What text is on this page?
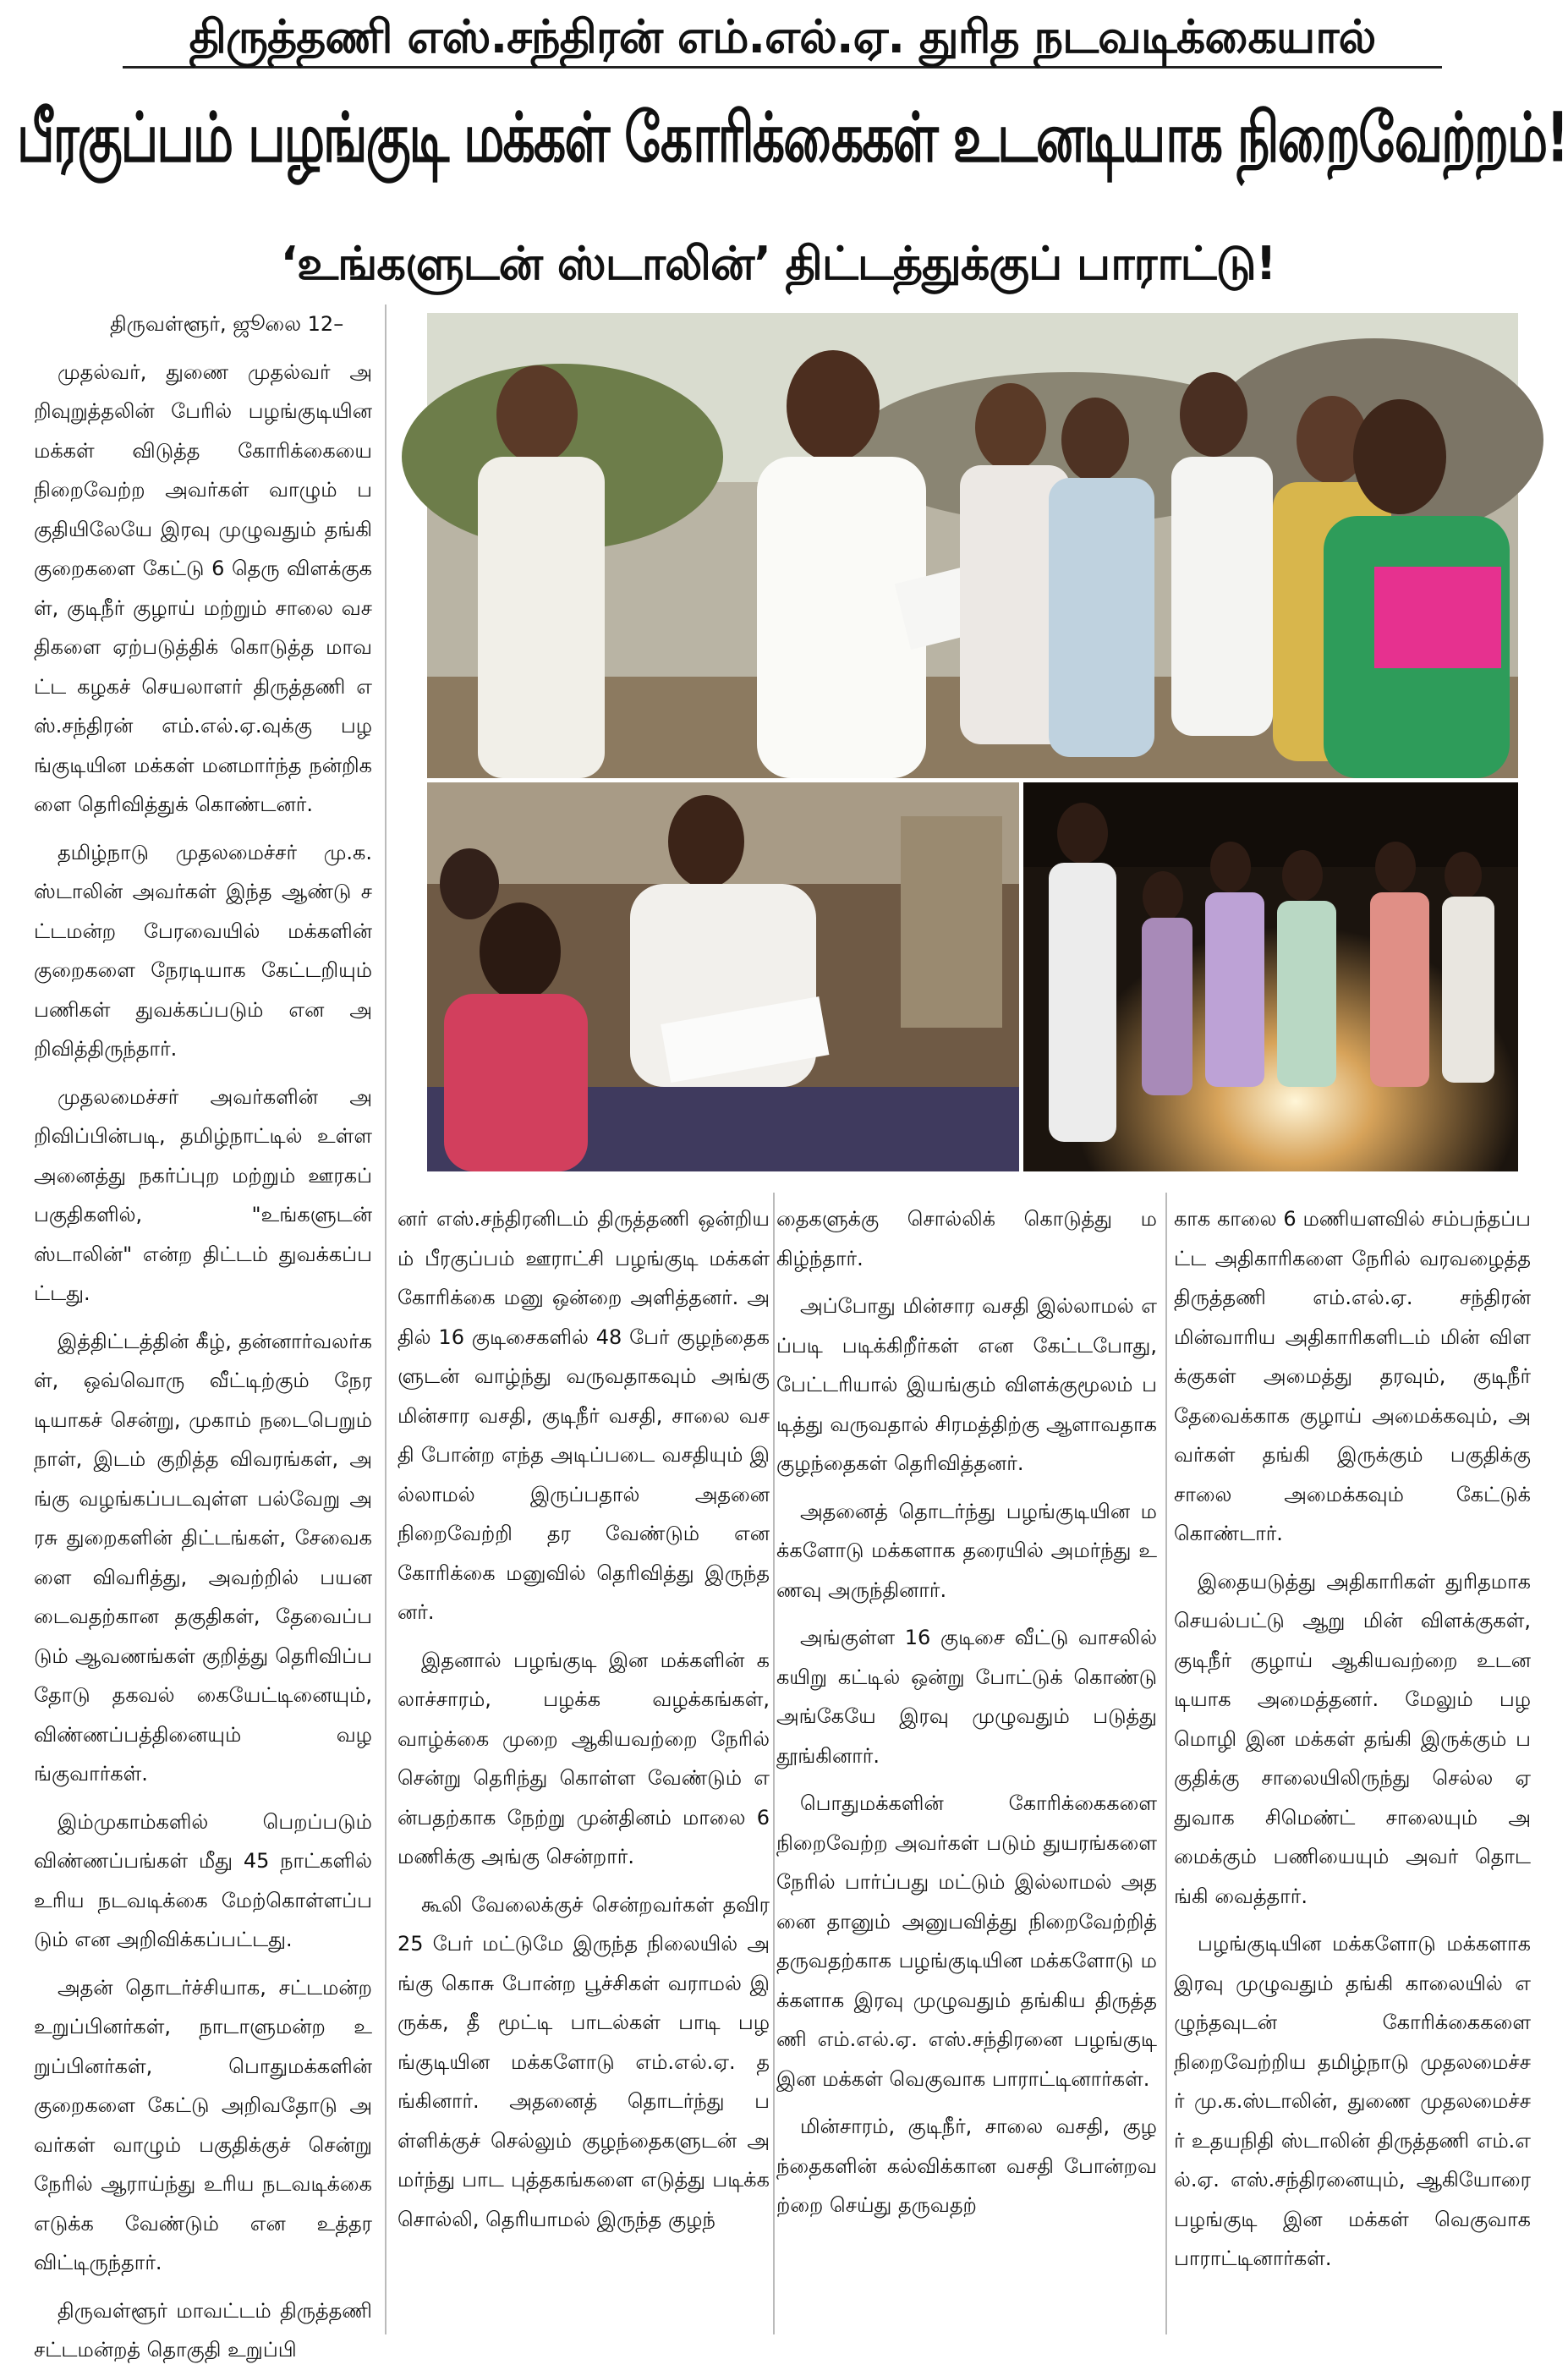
திருத்தணி எஸ்.சந்திரன் எம்.எல்.ஏ. துரித நடவடிக்கையால்
பீரகுப்பம் பழங்குடி மக்கள் கோரிக்கைகள் உடனடியாக நிறைவேற்றம்!
‘உங்களுடன் ஸ்டாலின்’ திட்டத்துக்குப் பாராட்டு!

திருவள்ளூர், ஜூலை 12–

முதல்வர், துணை முதல்வர் அறிவுறுத்தலின் பேரில் பழங்குடியின மக்கள் விடுத்த கோரிக்கையை நிறைவேற்ற அவர்கள் வாழும் பகுதியிலேயே இரவு முழுவதும் தங்கி குறைகளை கேட்டு 6 தெரு விளக்குகள், குடிநீர் குழாய் மற்றும் சாலை வசதிகளை ஏற்படுத்திக் கொடுத்த மாவட்ட கழகச் செயலாளர் திருத்தணி எஸ்.சந்திரன் எம்.எல்.ஏ.வுக்கு பழங்குடியின மக்கள் மனமார்ந்த நன்றிகளை தெரிவித்துக் கொண்டனர்.

தமிழ்நாடு முதலமைச்சர் மு.க.ஸ்டாலின் அவர்கள் இந்த ஆண்டு சட்டமன்ற பேரவையில் மக்களின் குறைகளை நேரடியாக கேட்டறியும் பணிகள் துவக்கப்படும் என அறிவித்திருந்தார்.

முதலமைச்சர் அவர்களின் அறிவிப்பின்படி, தமிழ்நாட்டில் உள்ள அனைத்து நகர்ப்புற மற்றும் ஊரகப் பகுதிகளில், "உங்களுடன் ஸ்டாலின்" என்ற திட்டம் துவக்கப்பட்டது.

இத்திட்டத்தின் கீழ், தன்னார்வலர்கள், ஒவ்வொரு வீட்டிற்கும் நேரடியாகச் சென்று, முகாம் நடைபெறும் நாள், இடம் குறித்த விவரங்கள், அங்கு வழங்கப்படவுள்ள பல்வேறு அரசு துறைகளின் திட்டங்கள், சேவைகளை விவரித்து, அவற்றில் பயனடைவதற்கான தகுதிகள், தேவைப்படும் ஆவணங்கள் குறித்து தெரிவிப்பதோடு தகவல் கையேட்டினையும், விண்ணப்பத்தினையும் வழங்குவார்கள்.

இம்முகாம்களில் பெறப்படும் விண்ணப்பங்கள் மீது 45 நாட்களில் உரிய நடவடிக்கை மேற்கொள்ளப்படும் என அறிவிக்கப்பட்டது.

அதன் தொடர்ச்சியாக, சட்டமன்ற உறுப்பினர்கள், நாடாளுமன்ற உறுப்பினர்கள், பொதுமக்களின் குறைகளை கேட்டு அறிவதோடு அவர்கள் வாழும் பகுதிக்குச் சென்று நேரில் ஆராய்ந்து உரிய நடவடிக்கை எடுக்க வேண்டும் என உத்தரவிட்டிருந்தார்.

திருவள்ளூர் மாவட்டம் திருத்தணி சட்டமன்றத் தொகுதி உறுப்பி

னர் எஸ்.சந்திரனிடம் திருத்தணி ஒன்றியம் பீரகுப்பம் ஊராட்சி பழங்குடி மக்கள் கோரிக்கை மனு ஒன்றை அளித்தனர். அதில் 16 குடிசைகளில் 48 பேர் குழந்தைகளுடன் வாழ்ந்து வருவதாகவும் அங்கு மின்சார வசதி, குடிநீர் வசதி, சாலை வசதி போன்ற எந்த அடிப்படை வசதியும் இல்லாமல் இருப்பதால் அதனை நிறைவேற்றி தர வேண்டும் என கோரிக்கை மனுவில் தெரிவித்து இருந்தனர்.

இதனால் பழங்குடி இன மக்களின் கலாச்சாரம், பழக்க வழக்கங்கள், வாழ்க்கை முறை ஆகியவற்றை நேரில் சென்று தெரிந்து கொள்ள வேண்டும் என்பதற்காக நேற்று முன்தினம் மாலை 6 மணிக்கு அங்கு சென்றார்.

கூலி வேலைக்குச் சென்றவர்கள் தவிர 25 பேர் மட்டுமே இருந்த நிலையில் அங்கு கொசு போன்ற பூச்சிகள் வராமல் இருக்க, தீ மூட்டி பாடல்கள் பாடி பழங்குடியின மக்களோடு எம்.எல்.ஏ. தங்கினார். அதனைத் தொடர்ந்து பள்ளிக்குச் செல்லும் குழந்தைகளுடன் அமர்ந்து பாட புத்தகங்களை எடுத்து படிக்க சொல்லி, தெரியாமல் இருந்த குழந்

தைகளுக்கு சொல்லிக் கொடுத்து மகிழ்ந்தார்.

அப்போது மின்சார வசதி இல்லாமல் எப்படி படிக்கிறீர்கள் என கேட்டபோது, பேட்டரியால் இயங்கும் விளக்குமூலம் படித்து வருவதால் சிரமத்திற்கு ஆளாவதாக குழந்தைகள் தெரிவித்தனர்.

அதனைத் தொடர்ந்து பழங்குடியின மக்களோடு மக்களாக தரையில் அமர்ந்து உணவு அருந்தினார்.

அங்குள்ள 16 குடிசை வீட்டு வாசலில் கயிறு கட்டில் ஒன்று போட்டுக் கொண்டு அங்கேயே இரவு முழுவதும் படுத்து தூங்கினார்.

பொதுமக்களின் கோரிக்கைகளை நிறைவேற்ற அவர்கள் படும் துயரங்களை நேரில் பார்ப்பது மட்டும் இல்லாமல் அதனை தானும் அனுபவித்து நிறைவேற்றித் தருவதற்காக பழங்குடியின மக்களோடு மக்களாக இரவு முழுவதும் தங்கிய திருத்தணி எம்.எல்.ஏ. எஸ்.சந்திரனை பழங்குடி இன மக்கள் வெகுவாக பாராட்டினார்கள்.

மின்சாரம், குடிநீர், சாலை வசதி, குழந்தைகளின் கல்விக்கான வசதி போன்றவற்றை செய்து தருவதற்

காக காலை 6 மணியளவில் சம்பந்தப்பட்ட அதிகாரிகளை நேரில் வரவழைத்த திருத்தணி எம்.எல்.ஏ. சந்திரன் மின்வாரிய அதிகாரிகளிடம் மின் விளக்குகள் அமைத்து தரவும், குடிநீர் தேவைக்காக குழாய் அமைக்கவும், அவர்கள் தங்கி இருக்கும் பகுதிக்கு சாலை அமைக்கவும் கேட்டுக் கொண்டார்.

இதையடுத்து அதிகாரிகள் துரிதமாக செயல்பட்டு ஆறு மின் விளக்குகள், குடிநீர் குழாய் ஆகியவற்றை உடனடியாக அமைத்தனர். மேலும் பழமொழி இன மக்கள் தங்கி இருக்கும் பகுதிக்கு சாலையிலிருந்து செல்ல ஏதுவாக சிமெண்ட் சாலையும் அமைக்கும் பணியையும் அவர் தொடங்கி வைத்தார்.

பழங்குடியின மக்களோடு மக்களாக இரவு முழுவதும் தங்கி காலையில் எழுந்தவுடன் கோரிக்கைகளை நிறைவேற்றிய தமிழ்நாடு முதலமைச்சர் மு.க.ஸ்டாலின், துணை முதலமைச்சர் உதயநிதி ஸ்டாலின் திருத்தணி எம்.எல்.ஏ. எஸ்.சந்திரனையும், ஆகியோரை பழங்குடி இன மக்கள் வெகுவாக பாராட்டினார்கள்.
